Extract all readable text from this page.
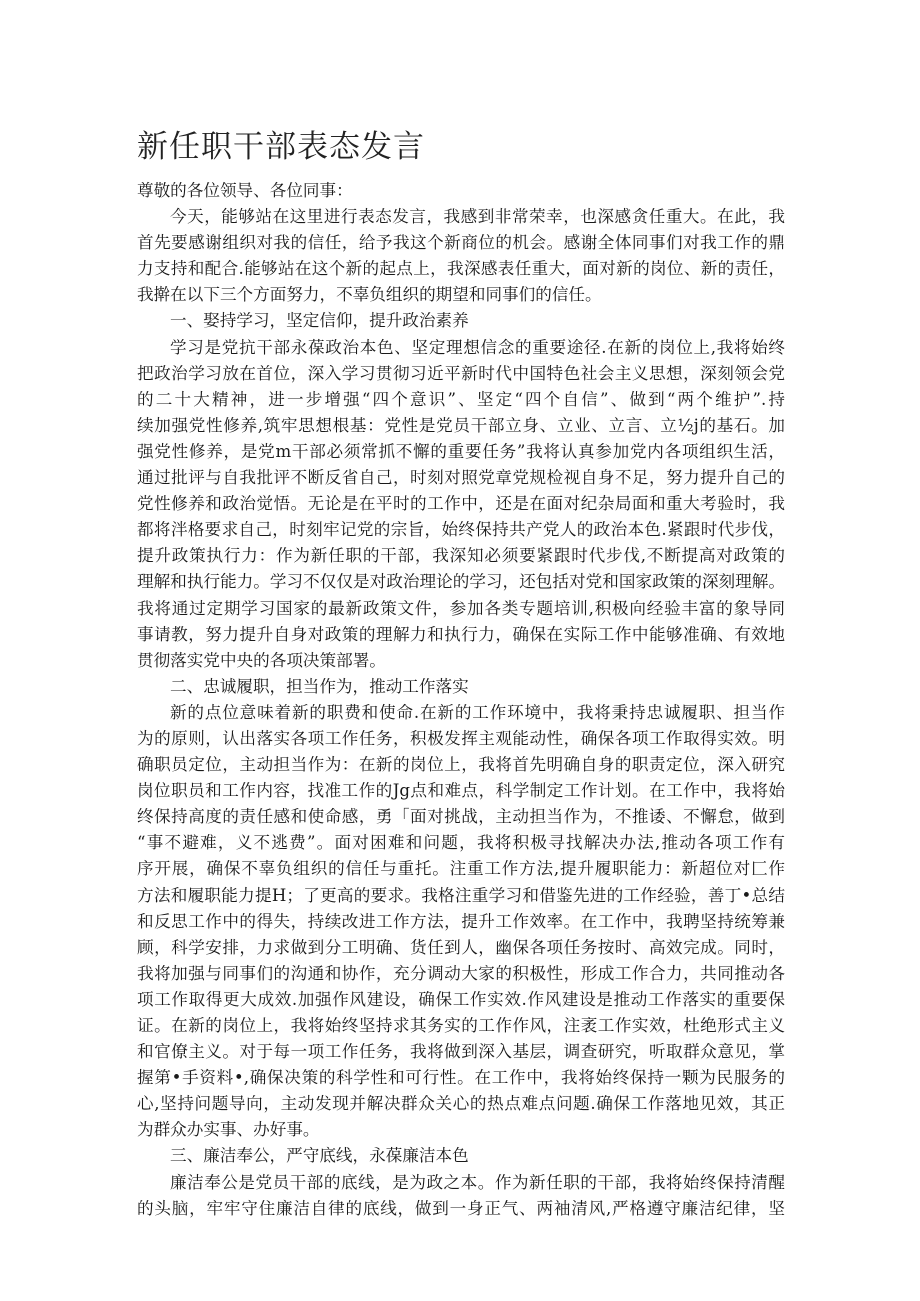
新任职干部表态发言
尊敬的各位领导、各位同事：
今天，能够站在这里进行表态发言，我感到非常荣幸，也深感贪任重大。在此，我
首先要感谢组织对我的信任，给予我这个新商位的机会。感谢全体同事们对我工作的鼎
力支持和配合.能够站在这个新的起点上，我深感表任重大，面对新的岗位、新的责任，
我擀在以下三个方面努力，不辜负组织的期望和同事们的信任。
一、娶持学习，坚定信仰，提升政治素养
学习是党抗干部永葆政治本色、坚定理想信念的重要途径.在新的岗位上,我将始终
把政治学习放在首位，深入学习贯彻习近平新时代中国特色社会主义思想，深刻领会党
的二十大精神，进一步增强“四个意识”、坚定“四个自信”、做到“两个维护”.持
续加强党性修养,筑牢思想根基：党性是党员干部立身、立业、立言、立½j的基石。加
强党性修养，是党m干部必须常抓不懈的重要任务”我将认真参加党内各项组织生活，
通过批评与自我批评不断反省自己，时刻对照党章党规检视自身不足，努力提升自己的
党性修养和政治觉悟。无论是在平时的工作中，还是在面对纪杂局面和重大考验时，我
都将泮格要求自己，时刻牢记党的宗旨，始终保持共产党人的政治本色.紧跟时代步伐，
提升政策执行力：作为新任职的干部，我深知必须要紧跟时代步伐,不断提高对政策的
理解和执行能力。学习不仅仅是对政治理论的学习，还包括对党和国家政策的深刻理解。
我将通过定期学习国家的最新政策文件，参加各类专题培训,积极向经验丰富的象导同
事请教，努力提升自身对政策的理解力和执行力，确保在实际工作中能够准确、有效地
贯彻落实党中央的各项决策部署。
二、忠诚履职，担当作为，推动工作落实
新的点位意味着新的职费和使命.在新的工作环境中，我将秉持忠诚履职、担当作
为的原则，认出落实各项工作任务，积极发挥主观能动性，确保各项工作取得实效。明
确职员定位，主动担当作为：在新的岗位上，我将首先明确自身的职责定位，深入研究
岗位职员和工作内容，找准工作的Jg点和难点，科学制定工作计划。在工作中，我将始
终保持高度的责任感和使命感，勇「面对挑战，主动担当作为，不推诿、不懈怠，做到
“事不避难，义不逃费”。面对困难和问题，我将积极寻找解决办法,推动各项工作有
序开展，确保不辜负组织的信任与重托。注重工作方法,提升履职能力：新超位对匚作
方法和履职能力提H；了更高的要求。我格注重学习和借鉴先进的工作经验，善丁•总结
和反思工作中的得失，持续改进工作方法，提升工作效率。在工作中，我聘坚持统筹兼
顾，科学安排，力求做到分工明确、货任到人，幽保各项任务按时、高效完成。同时，
我将加强与同事们的沟通和协作，充分调动大家的积极性，形成工作合力，共同推动各
项工作取得更大成效.加强作风建设，确保工作实效.作风建设是推动工作落实的重要保
证。在新的岗位上，我将始终坚持求其务实的工作作风，注袤工作实效，杜绝形式主义
和官僚主义。对于每一项工作任务，我将做到深入基层，调查研究，听取群众意见，掌
握第•手资料•,确保决策的科学性和可行性。在工作中，我将始终保持一颗为民服务的
心,坚持问题导向，主动发现并解决群众关心的热点难点问题.确保工作落地见效，其正
为群众办实事、办好事。
三、廉洁奉公，严守底线，永葆廉洁本色
廉洁奉公是党员干部的底线，是为政之本。作为新任职的干部，我将始终保持清醒
的头脑，牢牢守住廉洁自律的底线，做到一身正气、两袖清风,严格遵守廉洁纪律，坚
